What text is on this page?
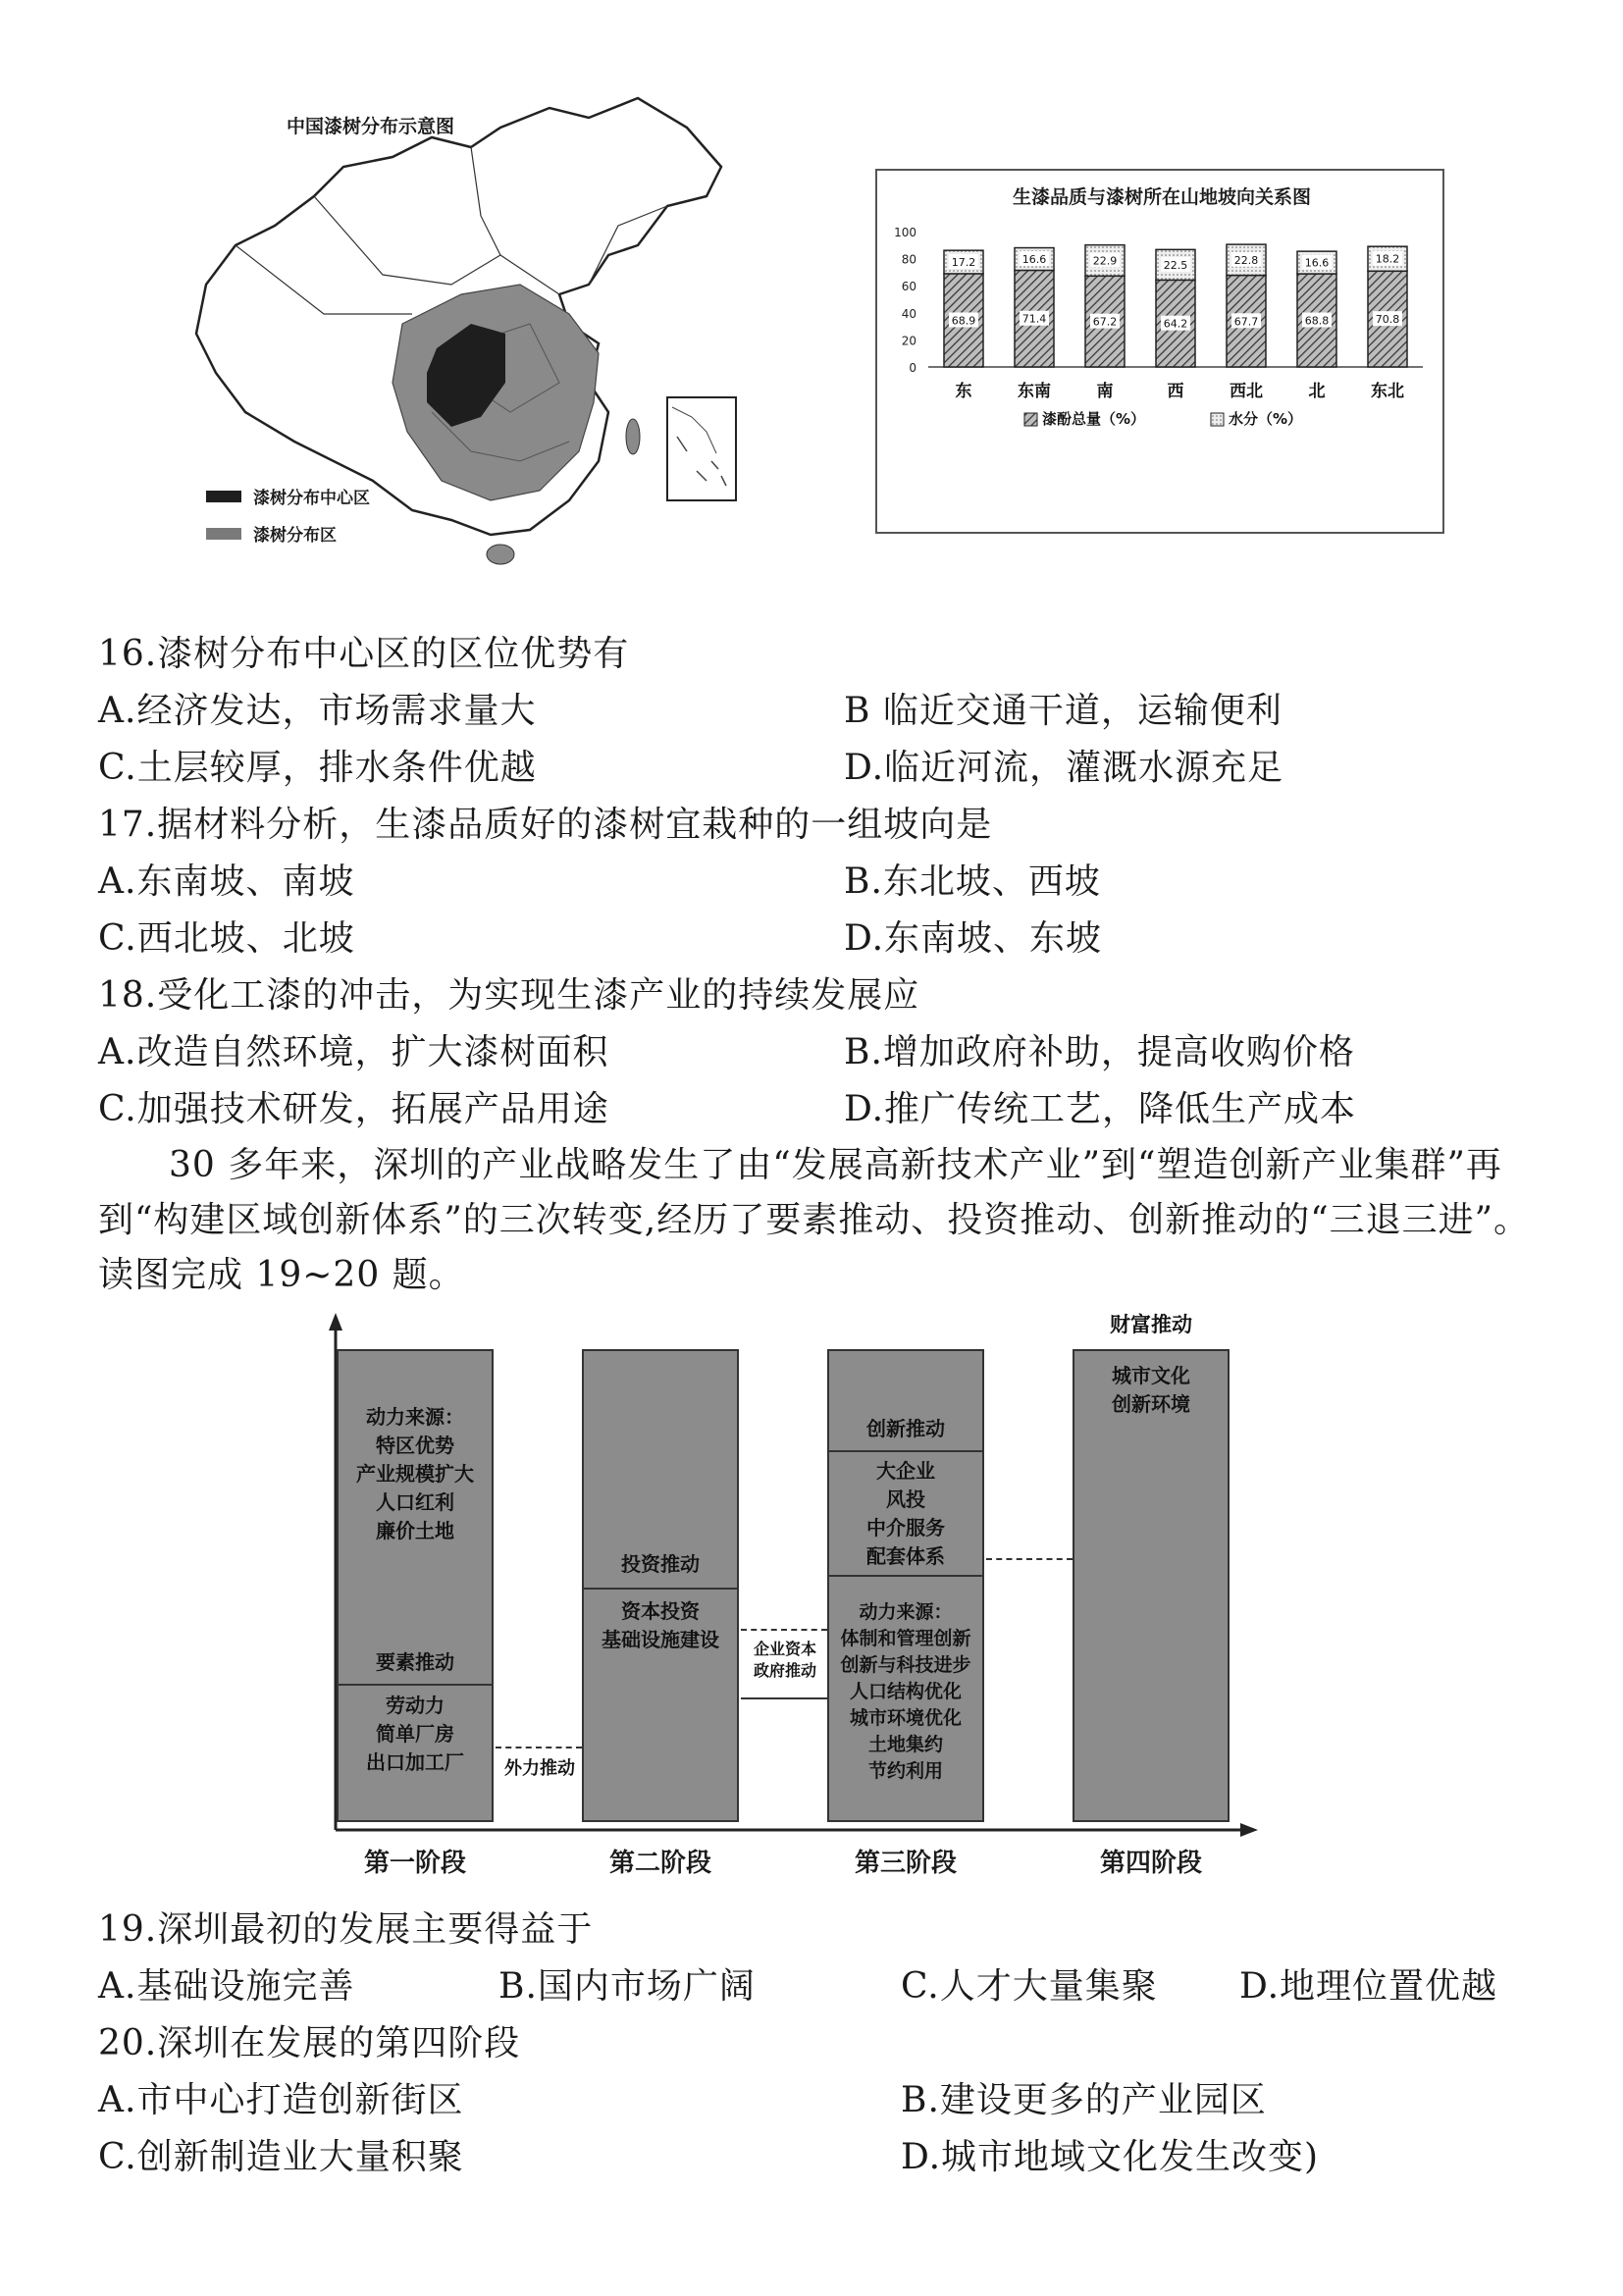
中国漆树分布示意图
漆树分布中心区
漆树分布区
生漆品质与漆树所在山地坡向关系图
0
20
40
60
80
100
68.9
17.2
东
71.4
16.6
东南
67.2
22.9
南
64.2
22.5
西
67.7
22.8
西北
68.8
16.6
北
70.8
18.2
东北
漆酚总量（%）	水分（%）
16.漆树分布中心区的区位优势有
A.经济发达，市场需求量大	B 临近交通干道，运输便利
C.土层较厚，排水条件优越	D.临近河流，灌溉水源充足
17.据材料分析，生漆品质好的漆树宜栽种的一组坡向是
A.东南坡、南坡	B.东北坡、西坡
C.西北坡、北坡	D.东南坡、东坡
18.受化工漆的冲击，为实现生漆产业的持续发展应
A.改造自然环境，扩大漆树面积	B.增加政府补助，提高收购价格
C.加强技术研发，拓展产品用途	D.推广传统工艺，降低生产成本
30 多年来，深圳的产业战略发生了由“发展高新技术产业”到“塑造创新产业集群”再到“构建区域创新体系”的三次转变,经历了要素推动、投资推动、创新推动的“三退三进”。读图完成 19~20 题。
动力来源：
特区优势
产业规模扩大
人口红利
廉价土地
要素推动
劳动力
简单厂房
出口加工厂	外力推动
投资推动
资本投资
基础设施建设	企业资本
政府推动
创新推动
大企业
风投
中介服务
配套体系
动力来源：
体制和管理创新
创新与科技进步
人口结构优化
城市环境优化
土地集约
节约利用
财富推动
城市文化
创新环境
第一阶段	第二阶段	第三阶段	第四阶段
19.深圳最初的发展主要得益于
A.基础设施完善	B.国内市场广阔	C.人才大量集聚 D.地理位置优越
20.深圳在发展的第四阶段
A.市中心打造创新街区	B.建设更多的产业园区
C.创新制造业大量积聚	D.城市地域文化发生改变)
